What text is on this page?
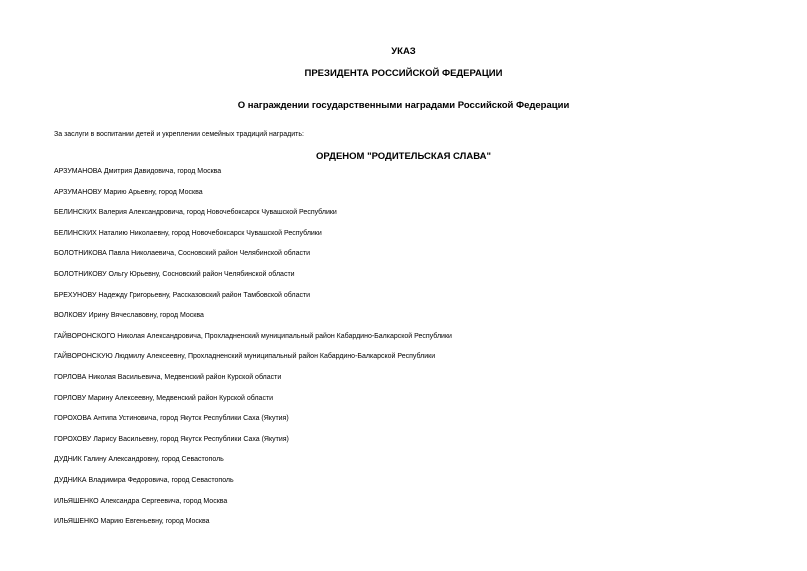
УКАЗ

ПРЕЗИДЕНТА РОССИЙСКОЙ ФЕДЕРАЦИИ

О награждении государственными наградами Российской Федерации

За заслуги в воспитании детей и укреплении семейных традиций наградить:

ОРДЕНОМ "РОДИТЕЛЬСКАЯ СЛАВА"

АРЗУМАНОВА Дмитрия Давидовича, город Москва
АРЗУМАНОВУ Марию Арьевну, город Москва
БЕЛИНСКИХ Валерия Александровича, город Новочебоксарск Чувашской Республики
БЕЛИНСКИХ Наталию Николаевну, город Новочебоксарск Чувашской Республики
БОЛОТНИКОВА Павла Николаевича, Сосновский район Челябинской области
БОЛОТНИКОВУ Ольгу Юрьевну, Сосновский район Челябинской области
БРЕХУНОВУ Надежду Григорьевну, Рассказовский район Тамбовской области
ВОЛКОВУ Ирину Вячеславовну, город Москва
ГАЙВОРОНСКОГО Николая Александровича, Прохладненский муниципальный район Кабардино-Балкарской Республики
ГАЙВОРОНСКУЮ Людмилу Алексеевну, Прохладненский муниципальный район Кабардино-Балкарской Республики
ГОРЛОВА Николая Васильевича, Медвенский район Курской области
ГОРЛОВУ Марину Алексеевну, Медвенский район Курской области
ГОРОХОВА Антипа Устиновича, город Якутск Республики Саха (Якутия)
ГОРОХОВУ Ларису Васильевну, город Якутск Республики Саха (Якутия)
ДУДНИК Галину Александровну, город Севастополь
ДУДНИКА Владимира Федоровича, город Севастополь
ИЛЬЯШЕНКО Александра Сергеевича, город Москва
ИЛЬЯШЕНКО Марию Евгеньевну, город Москва
